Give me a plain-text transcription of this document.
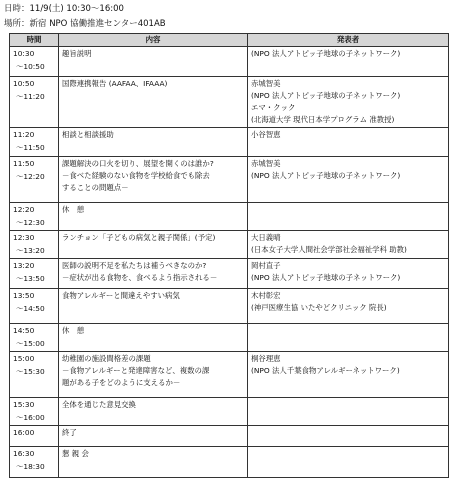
日時：11/9(土) 10:30～16:00
場所：新宿 NPO 協働推進センター401AB
時間	内容	発表者

10:30
～10:50	趣旨説明	(NPO 法人アトピッ子地球の子ネットワーク)

10:50
～11:20	国際連携報告 (AAFAA、IFAAA)	赤城智美
(NPO 法人アトピッ子地球の子ネットワーク)
エマ・クック
(北海道大学 現代日本学プログラム 准教授)

11:20
～11:50	相談と相談援助	小谷智恵

11:50
～12:20	課題解決の口火を切り、展望を開くのは誰か?
－食べた経験のない食物を学校給食でも除去
することの問題点－	赤城智美
(NPO 法人アトピッ子地球の子ネットワーク)

12:20
～12:30	休　憩	

12:30
～13:20	ランチョン「子どもの病気と親子関係」(予定)	大日義晴
(日本女子大学人間社会学部社会福祉学科 助教)

13:20
～13:50	医師の説明不足を私たちは補うべきなのか?
－症状が出る食物を、食べるよう指示される－	岡村直子
(NPO 法人アトピッ子地球の子ネットワーク)

13:50
～14:50	食物アレルギーと間違えやすい病気	木村彰宏
(神戸医療生協 いたやどクリニック 院長)

14:50
～15:00	休　憩	

15:00
～15:30	幼稚園の施設間格差の課題
－食物アレルギーと発達障害など、複数の課
題がある子をどのように支えるか－	桐谷理恵
(NPO 法人千葉食物アレルギーネットワーク)

15:30
～16:00	全体を通じた意見交換	

16:00	終了	

16:30
～18:30	懇 親 会	
